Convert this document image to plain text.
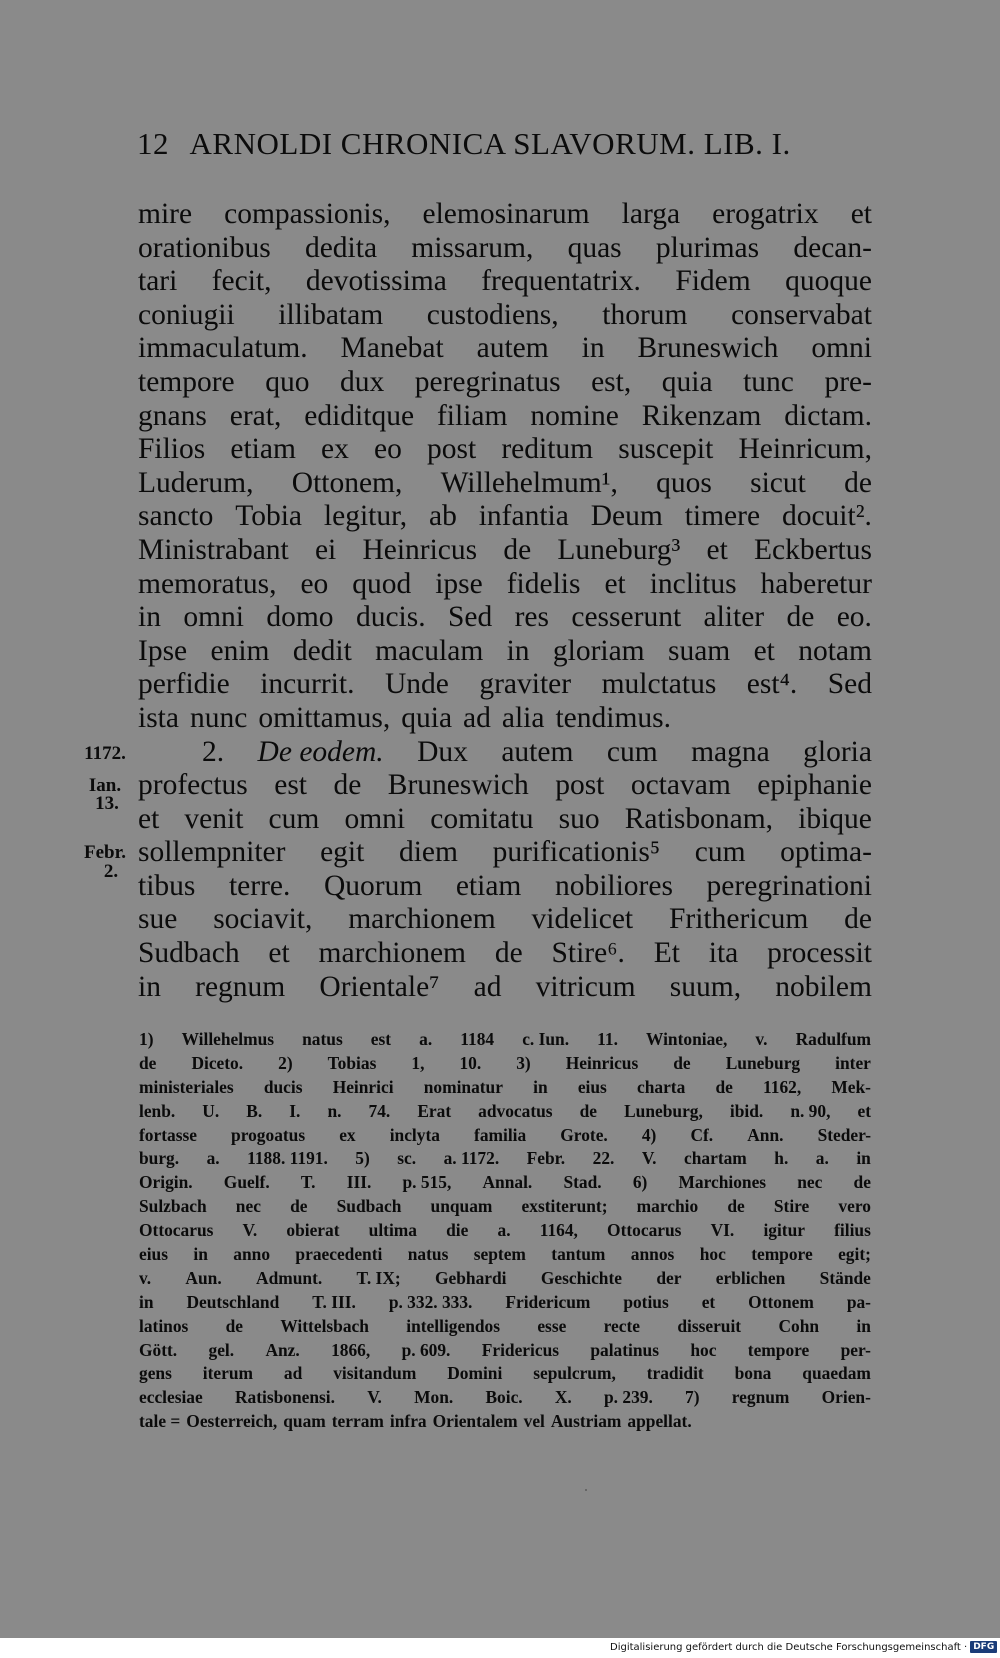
12 ARNOLDI CHRONICA SLAVORUM. LIB. I.
mire compassionis, elemosinarum larga erogatrix et
orationibus dedita missarum, quas plurimas decan-
tari fecit, devotissima frequentatrix. Fidem quoque
coniugii illibatam custodiens, thorum conservabat
immaculatum. Manebat autem in Bruneswich omni
tempore quo dux peregrinatus est, quia tunc pre-
gnans erat, ediditque filiam nomine Rikenzam dictam.
Filios etiam ex eo post reditum suscepit Heinricum,
Luderum, Ottonem, Willehelmum¹, quos sicut de
sancto Tobia legitur, ab infantia Deum timere docuit².
Ministrabant ei Heinricus de Luneburg³ et Eckbertus
memoratus, eo quod ipse fidelis et inclitus haberetur
in omni domo ducis. Sed res cesserunt aliter de eo.
Ipse enim dedit maculam in gloriam suam et notam
perfidie incurrit. Unde graviter mulctatus est⁴. Sed
ista nunc omittamus, quia ad alia tendimus.
2. De eodem. Dux autem cum magna gloria
profectus est de Bruneswich post octavam epiphanie
et venit cum omni comitatu suo Ratisbonam, ibique
sollempniter egit diem purificationis⁵ cum optima-
tibus terre. Quorum etiam nobiliores peregrinationi
sue sociavit, marchionem videlicet Frithericum de
Sudbach et marchionem de Stire⁶. Et ita processit
in regnum Orientale⁷ ad vitricum suum, nobilem
1172.
Ian.
13.
Febr.
2.
1) Willehelmus natus est a. 1184 c. Iun. 11. Wintoniae, v. Radulfum
de Diceto. 2) Tobias 1, 10. 3) Heinricus de Luneburg inter
ministeriales ducis Heinrici nominatur in eius charta de 1162, Mek-
lenb. U. B. I. n. 74. Erat advocatus de Luneburg, ibid. n. 90, et
fortasse progoatus ex inclyta familia Grote. 4) Cf. Ann. Steder-
burg. a. 1188. 1191. 5) sc. a. 1172. Febr. 22. V. chartam h. a. in
Origin. Guelf. T. III. p. 515, Annal. Stad. 6) Marchiones nec de
Sulzbach nec de Sudbach unquam exstiterunt; marchio de Stire vero
Ottocarus V. obierat ultima die a. 1164, Ottocarus VI. igitur filius
eius in anno praecedenti natus septem tantum annos hoc tempore egit;
v. Aun. Admunt. T. IX; Gebhardi Geschichte der erblichen Stände
in Deutschland T. III. p. 332. 333. Fridericum potius et Ottonem pa-
latinos de Wittelsbach intelligendos esse recte disseruit Cohn in
Gött. gel. Anz. 1866, p. 609. Fridericus palatinus hoc tempore per-
gens iterum ad visitandum Domini sepulcrum, tradidit bona quaedam
ecclesiae Ratisbonensi. V. Mon. Boic. X. p. 239. 7) regnum Orien-
tale = Oesterreich, quam terram infra Orientalem vel Austriam appellat.
Digitalisierung gefördert durch die Deutsche Forschungsgemeinschaft · DFG
